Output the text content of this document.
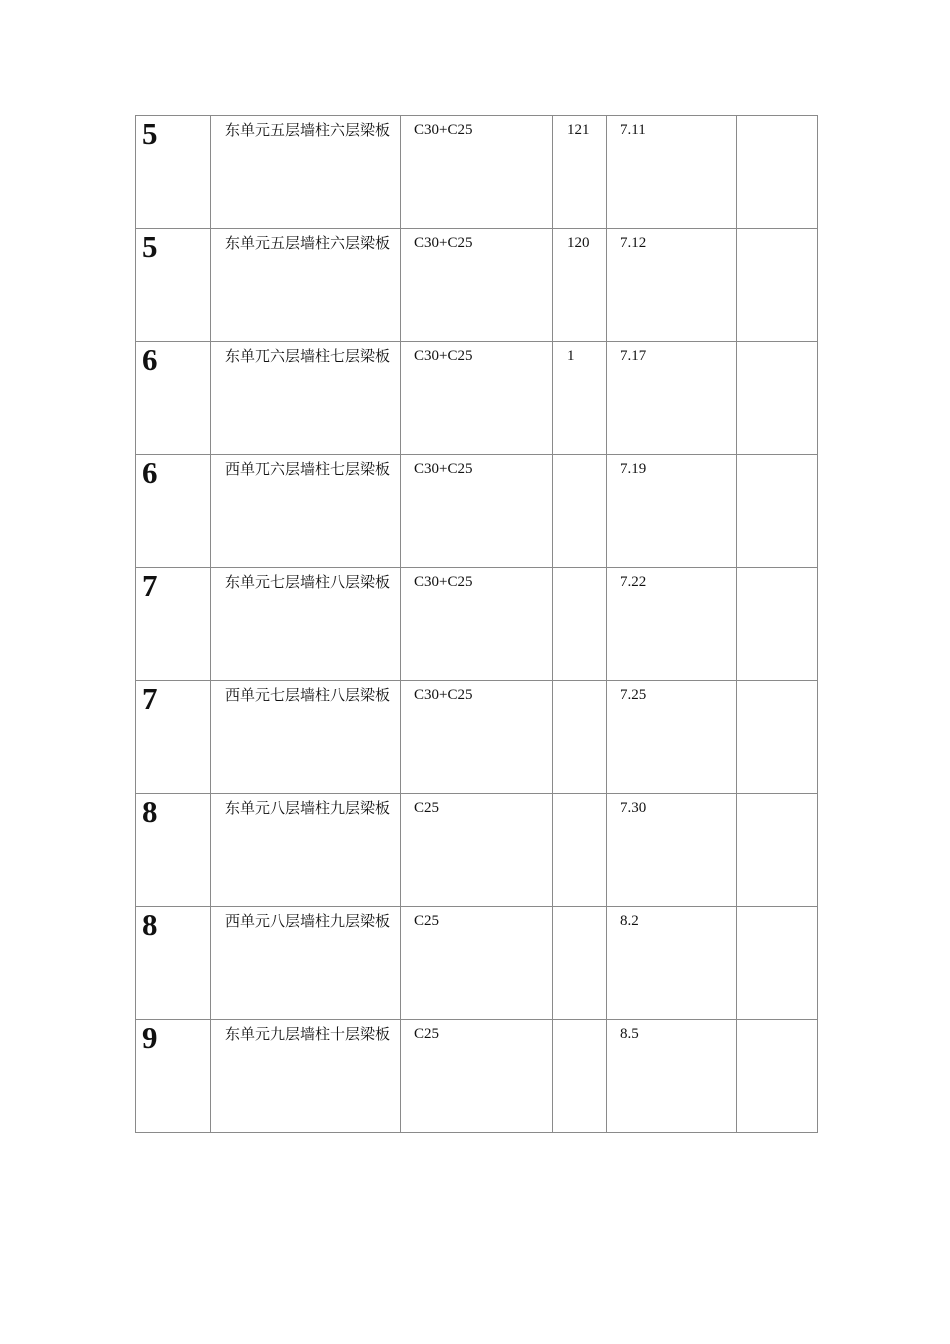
5	东单元五层墙柱六层梁板	C30+C25	121	7.11	

5	东单元五层墙柱六层梁板	C30+C25	120	7.12	

6	东单兀六层墙柱七层梁板	C30+C25	1	7.17	

6	西单兀六层墙柱七层梁板	C30+C25		7.19	

7	东单元七层墙柱八层梁板	C30+C25		7.22	

7	西单元七层墙柱八层梁板	C30+C25		7.25	

8	东单元八层墙柱九层梁板	C25		7.30	

8	西单元八层墙柱九层梁板	C25		8.2	

9	东单元九层墙柱十层梁板	C25		8.5	
